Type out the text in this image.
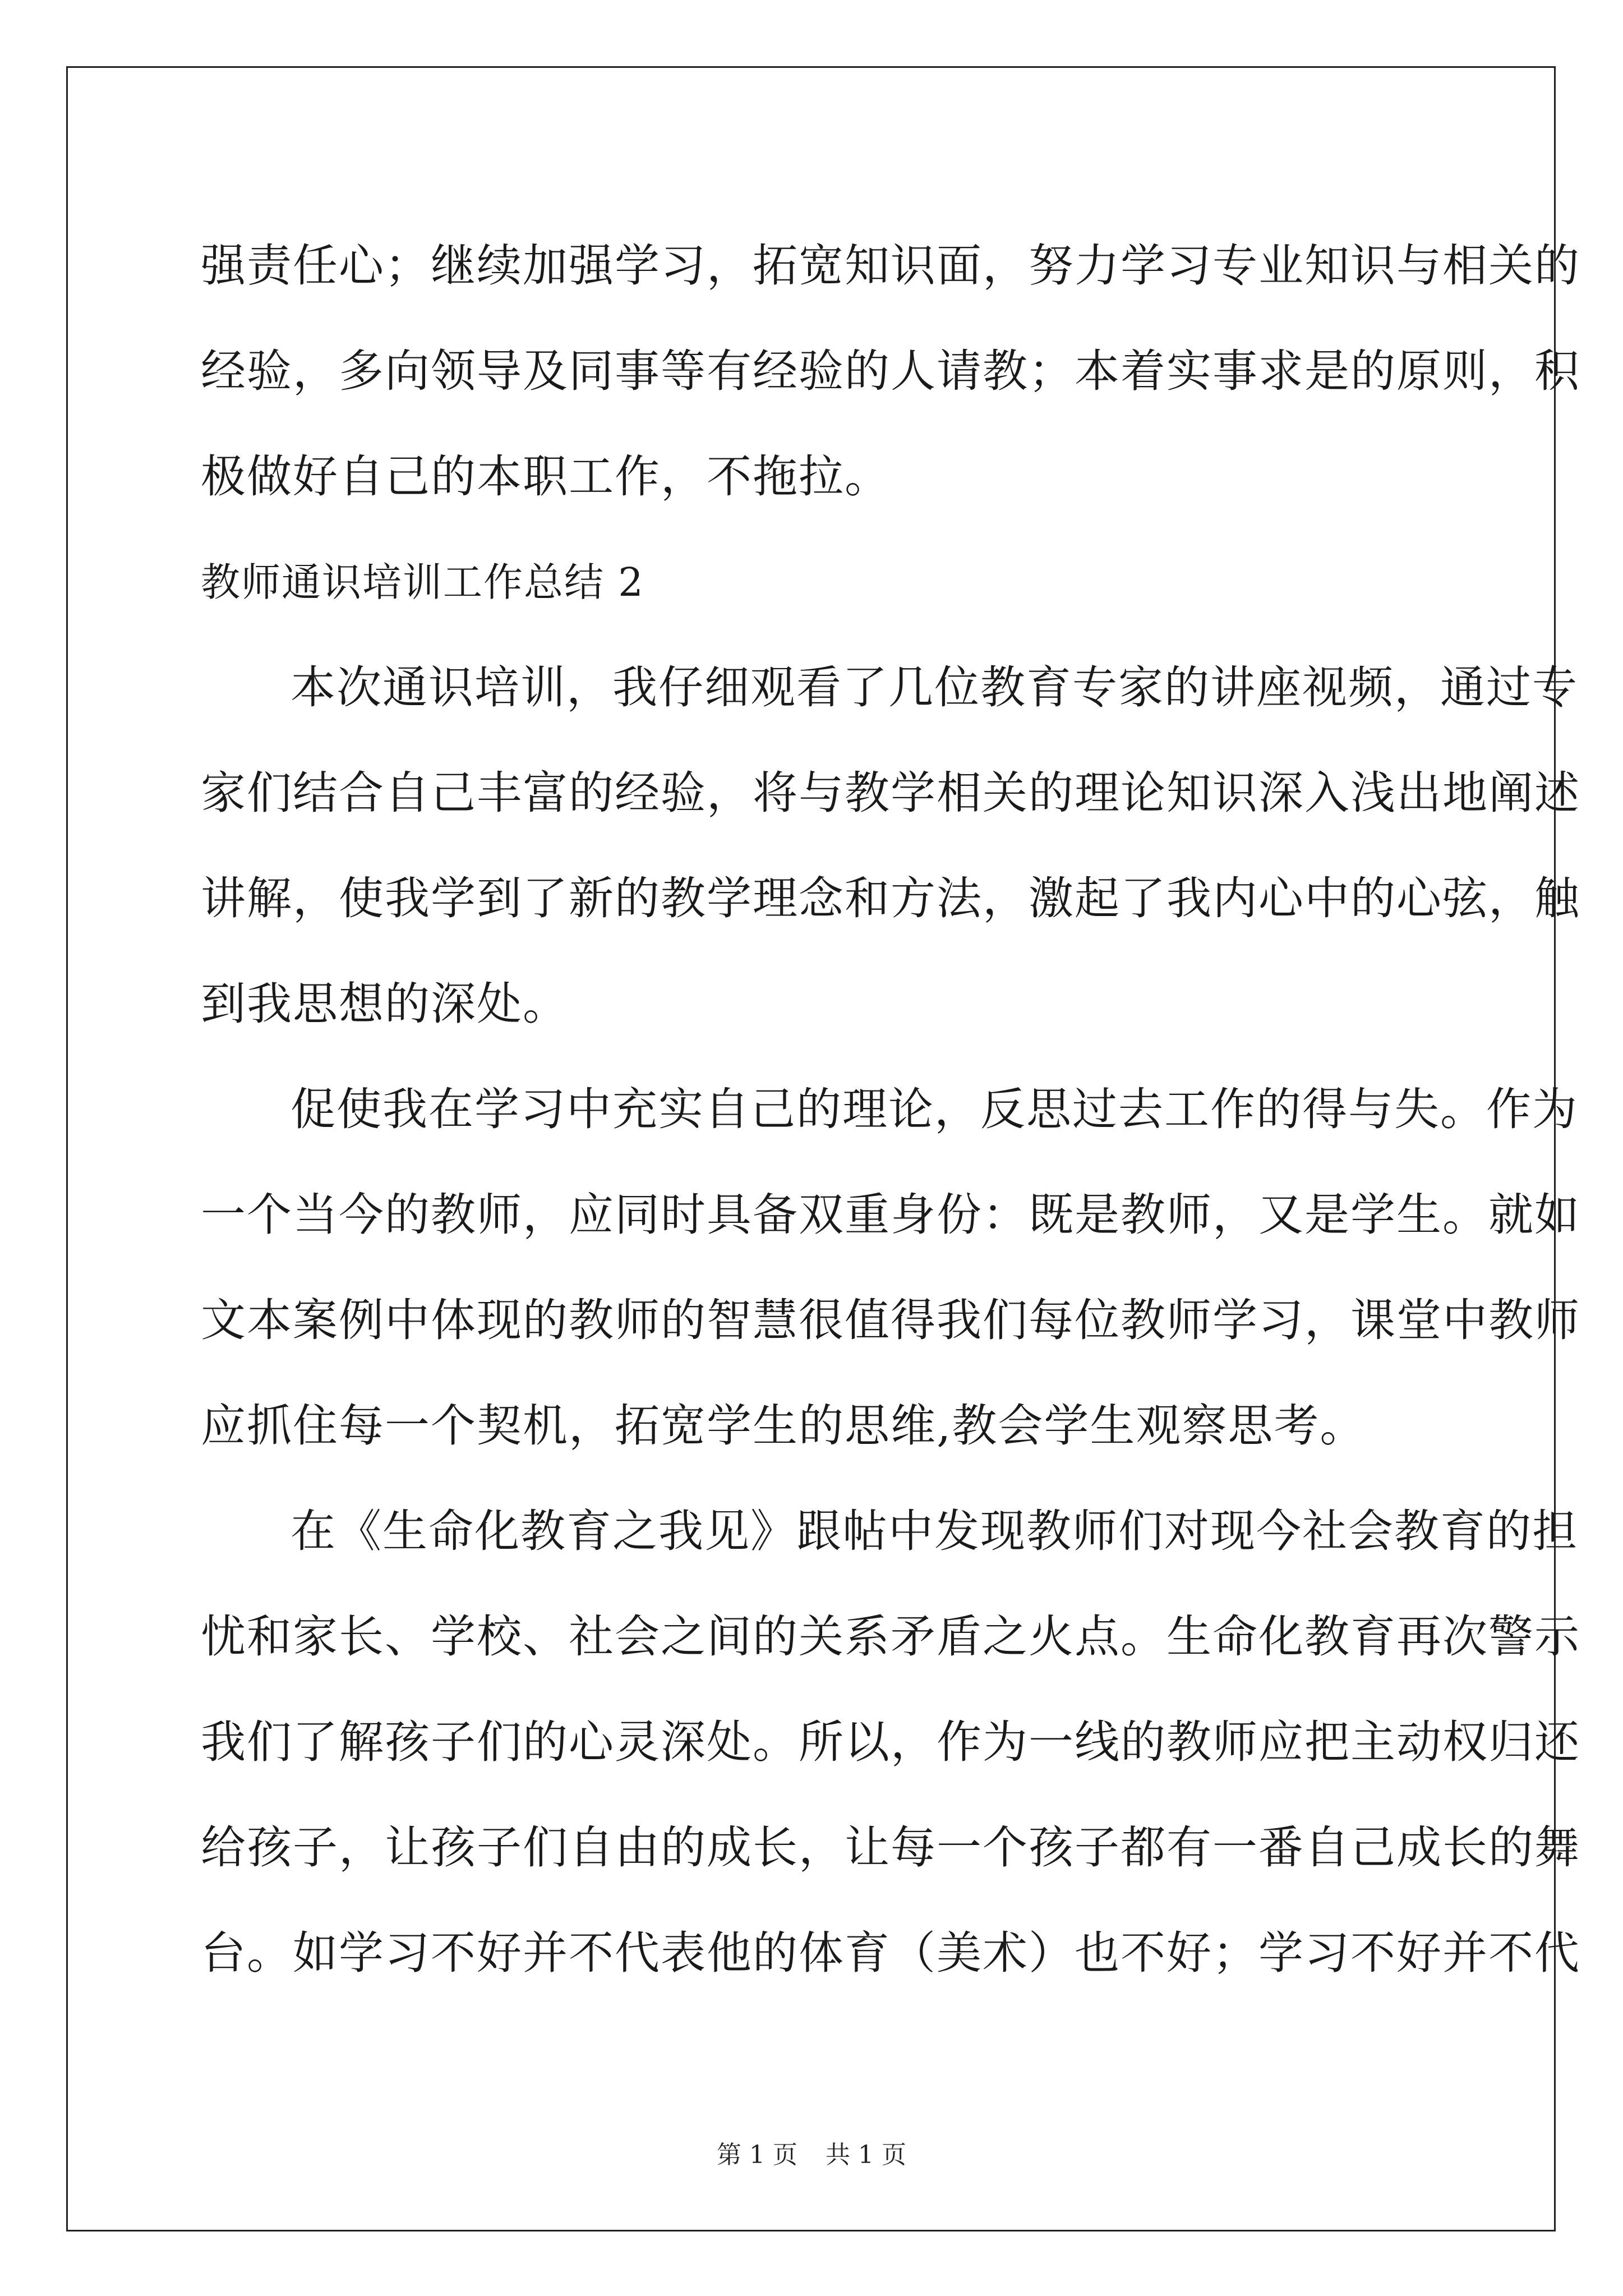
强责任心；继续加强学习，拓宽知识面，努力学习专业知识与相关的
经验，多向领导及同事等有经验的人请教；本着实事求是的原则，积
极做好自己的本职工作，不拖拉。
教师通识培训工作总结 2
本次通识培训，我仔细观看了几位教育专家的讲座视频，通过专
家们结合自己丰富的经验，将与教学相关的理论知识深入浅出地阐述
讲解，使我学到了新的教学理念和方法，激起了我内心中的心弦，触
到我思想的深处。
促使我在学习中充实自己的理论，反思过去工作的得与失。作为
一个当今的教师，应同时具备双重身份：既是教师，又是学生。就如
文本案例中体现的教师的智慧很值得我们每位教师学习，课堂中教师
应抓住每一个契机，拓宽学生的思维,教会学生观察思考。
在《生命化教育之我见》跟帖中发现教师们对现今社会教育的担
忧和家长、学校、社会之间的关系矛盾之火点。生命化教育再次警示
我们了解孩子们的心灵深处。所以，作为一线的教师应把主动权归还
给孩子，让孩子们自由的成长，让每一个孩子都有一番自己成长的舞
台。如学习不好并不代表他的体育（美术）也不好；学习不好并不代
第 1 页 共 1 页
